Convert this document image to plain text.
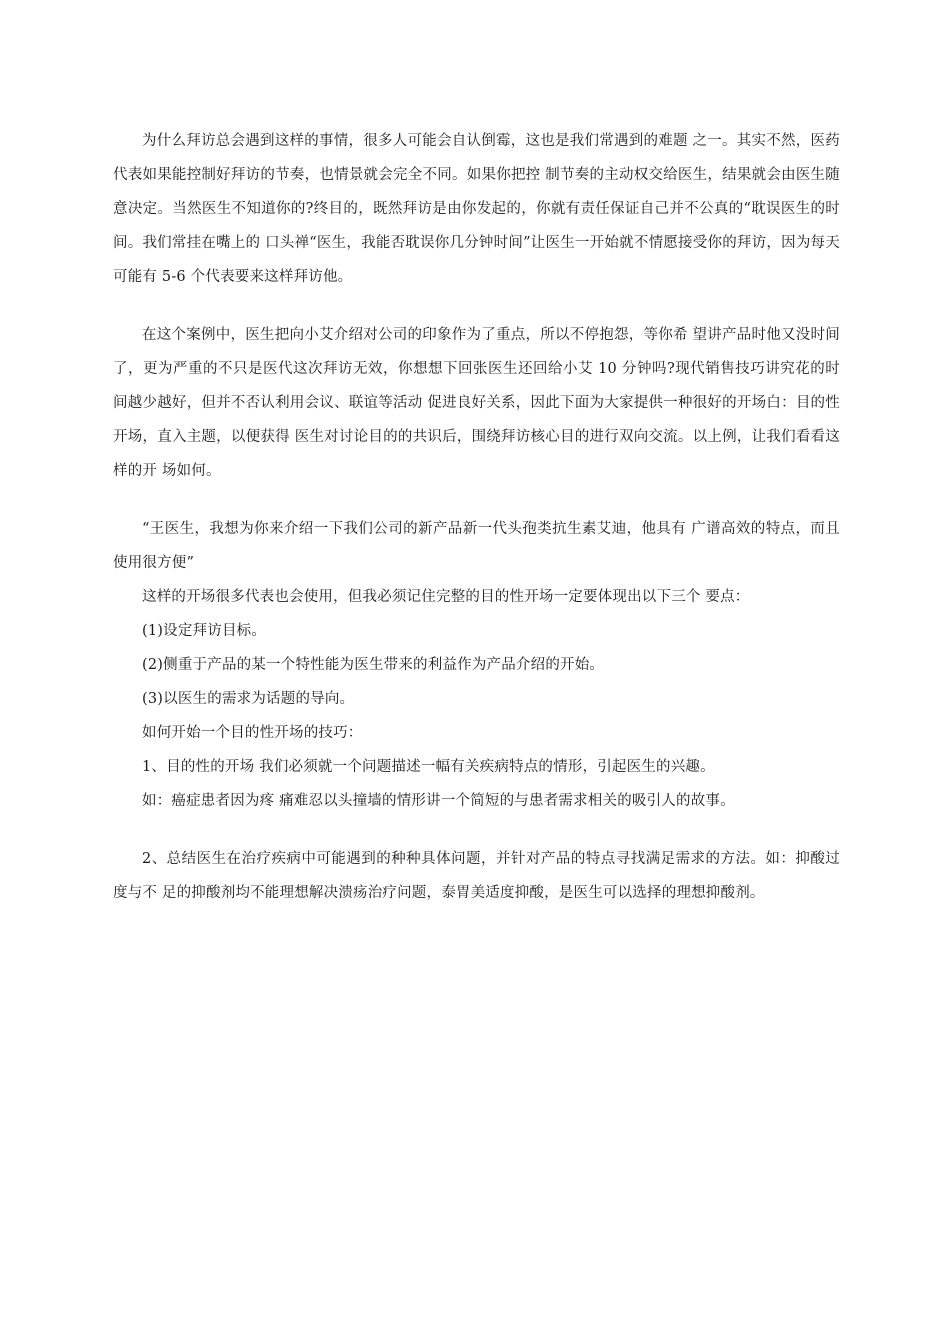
为什么拜访总会遇到这样的事情，很多人可能会自认倒霉，这也是我们常遇到的难题 之一。其实不然，医药代表如果能控制好拜访的节奏，也情景就会完全不同。如果你把控 制节奏的主动权交给医生，结果就会由医生随意决定。当然医生不知道你的?终目的，既然拜访是由你发起的，你就有责任保证自己并不公真的“耽误医生的时间。我们常挂在嘴上的 口头禅“医生，我能否耽误你几分钟时间”让医生一开始就不情愿接受你的拜访，因为每天 可能有 5-6 个代表要来这样拜访他。

在这个案例中，医生把向小艾介绍对公司的印象作为了重点，所以不停抱怨，等你希 望讲产品时他又没时间了，更为严重的不只是医代这次拜访无效，你想想下回张医生还回给小艾 10 分钟吗?现代销售技巧讲究花的时间越少越好，但并不否认利用会议、联谊等活动 促进良好关系，因此下面为大家提供一种很好的开场白：目的性开场，直入主题，以便获得 医生对讨论目的的共识后，围绕拜访核心目的进行双向交流。以上例，让我们看看这样的开 场如何。

“王医生，我想为你来介绍一下我们公司的新产品新一代头孢类抗生素艾迪，他具有 广谱高效的特点，而且使用很方便”

这样的开场很多代表也会使用，但我必须记住完整的目的性开场一定要体现出以下三个 要点：

(1)设定拜访目标。

(2)侧重于产品的某一个特性能为医生带来的利益作为产品介绍的开始。

(3)以医生的需求为话题的导向。

如何开始一个目的性开场的技巧：

1、目的性的开场 我们必须就一个问题描述一幅有关疾病特点的情形，引起医生的兴趣。

如：癌症患者因为疼 痛难忍以头撞墙的情形讲一个简短的与患者需求相关的吸引人的故事。

2、总结医生在治疗疾病中可能遇到的种种具体问题，并针对产品的特点寻找满足需求的方法。如：抑酸过度与不 足的抑酸剂均不能理想解决溃疡治疗问题，泰胃美适度抑酸，是医生可以选择的理想抑酸剂。
